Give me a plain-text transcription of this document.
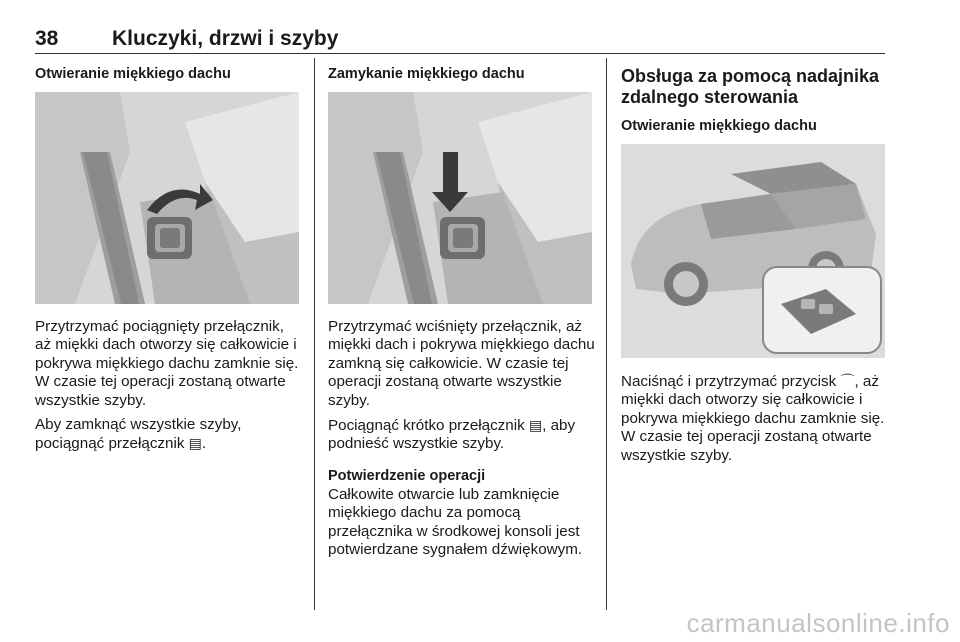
38	Kluczyki, drzwi i szyby
Otwieranie miękkiego dachu

Przytrzymać pociągnięty przełącznik, aż miękki dach otworzy się całkowicie i pokrywa miękkiego dachu zamknie się. W czasie tej operacji zostaną otwarte wszystkie szyby.

Aby zamknąć wszystkie szyby, pociągnąć przełącznik ▤.

Zamykanie miękkiego dachu

Przytrzymać wciśnięty przełącznik, aż miękki dach i pokrywa miękkiego dachu zamkną się całkowicie. W czasie tej operacji zostaną otwarte wszystkie szyby.

Pociągnąć krótko przełącznik ▤, aby podnieść wszystkie szyby.

Potwierdzenie operacji

Całkowite otwarcie lub zamknięcie miękkiego dachu za pomocą przełącznika w środkowej konsoli jest potwierdzane sygnałem dźwiękowym.

Obsługa za pomocą nadajnika zdalnego sterowania
Otwieranie miękkiego dachu

Naciśnąć i przytrzymać przycisk ⌒, aż miękki dach otworzy się całkowicie i pokrywa miękkiego dachu zamknie się. W czasie tej operacji zostaną otwarte wszystkie szyby.

carmanualsonline.info
